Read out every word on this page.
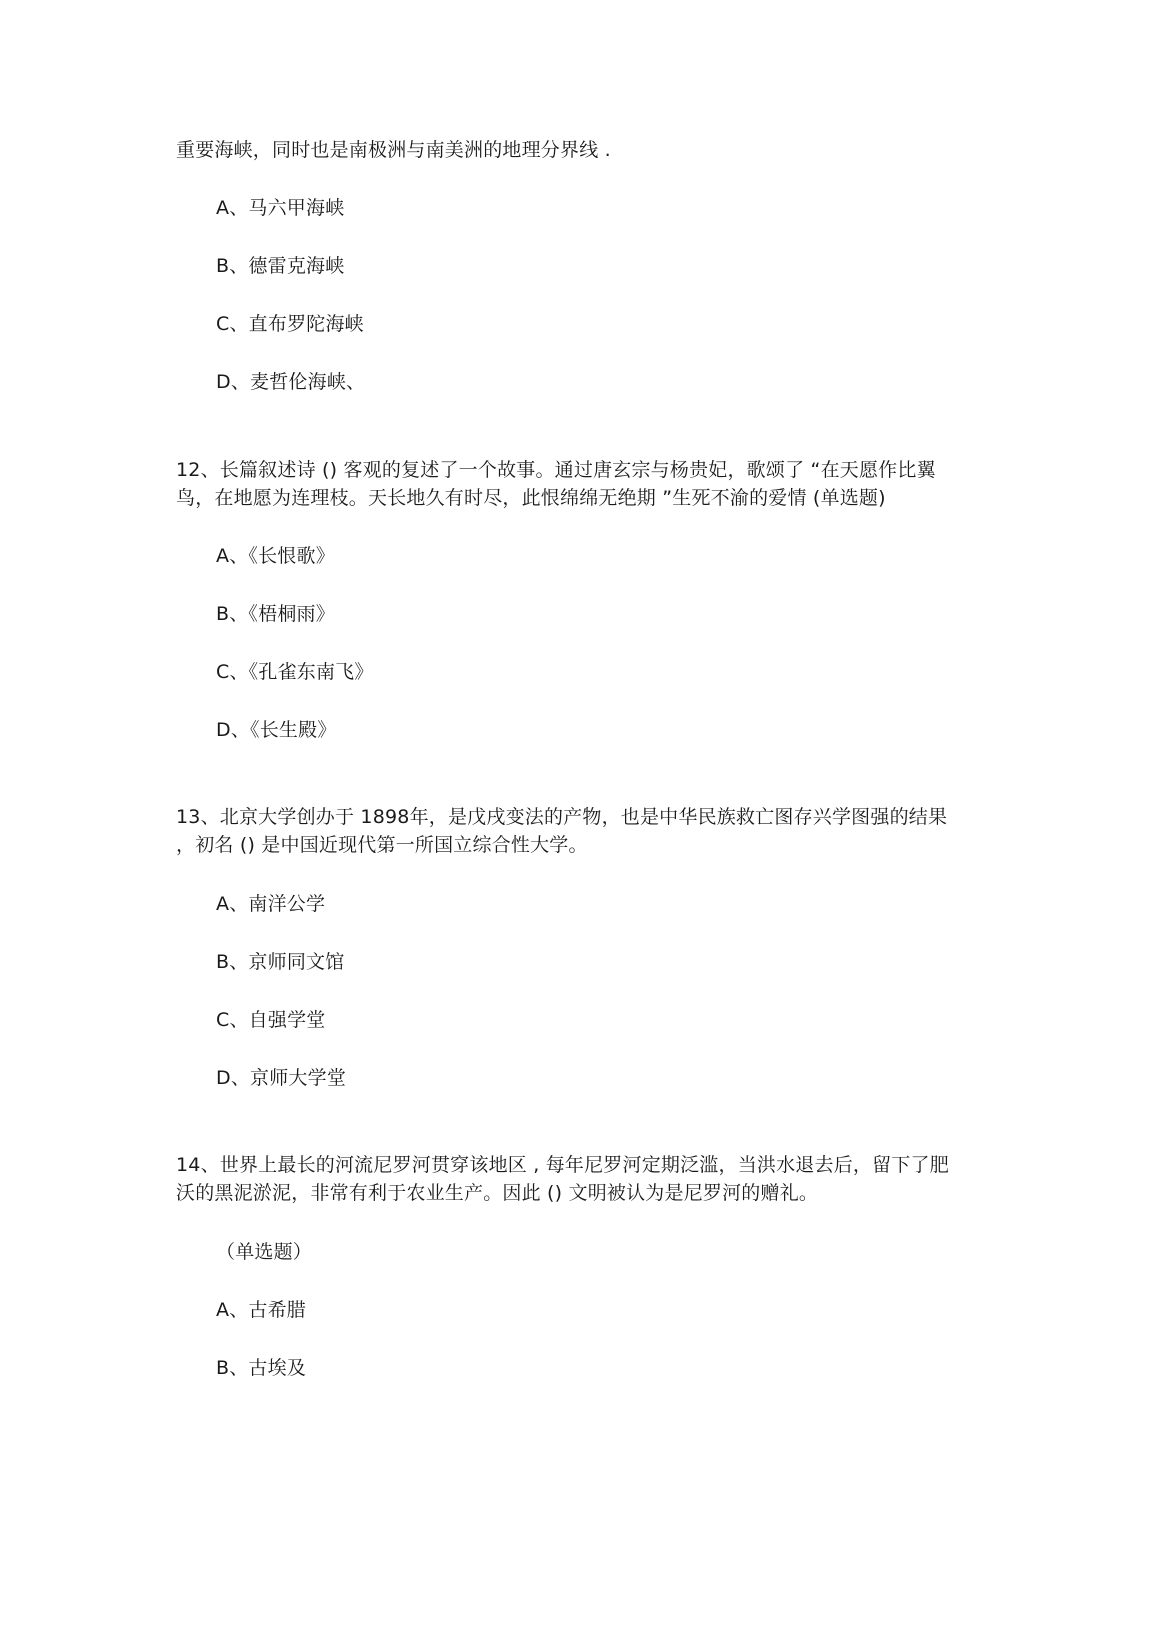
重要海峡，同时也是南极洲与南美洲的地理分界线 .
A、马六甲海峡
B、德雷克海峡
C、直布罗陀海峡
D、麦哲伦海峡、
12、长篇叙述诗 () 客观的复述了一个故事。通过唐玄宗与杨贵妃，歌颂了 “在天愿作比翼
鸟，在地愿为连理枝。天长地久有时尽，此恨绵绵无绝期 ”生死不渝的爱情 (单选题)
A、《长恨歌》
B、《梧桐雨》
C、《孔雀东南飞》
D、《长生殿》
13、北京大学创办于 1898年，是戊戌变法的产物，也是中华民族救亡图存兴学图强的结果
，初名 () 是中国近现代第一所国立综合性大学。
A、南洋公学
B、京师同文馆
C、自强学堂
D、京师大学堂
14、世界上最长的河流尼罗河贯穿该地区 , 每年尼罗河定期泛滥，当洪水退去后，留下了肥
沃的黑泥淤泥，非常有利于农业生产。因此 () 文明被认为是尼罗河的赠礼。
（单选题）
A、古希腊
B、古埃及
